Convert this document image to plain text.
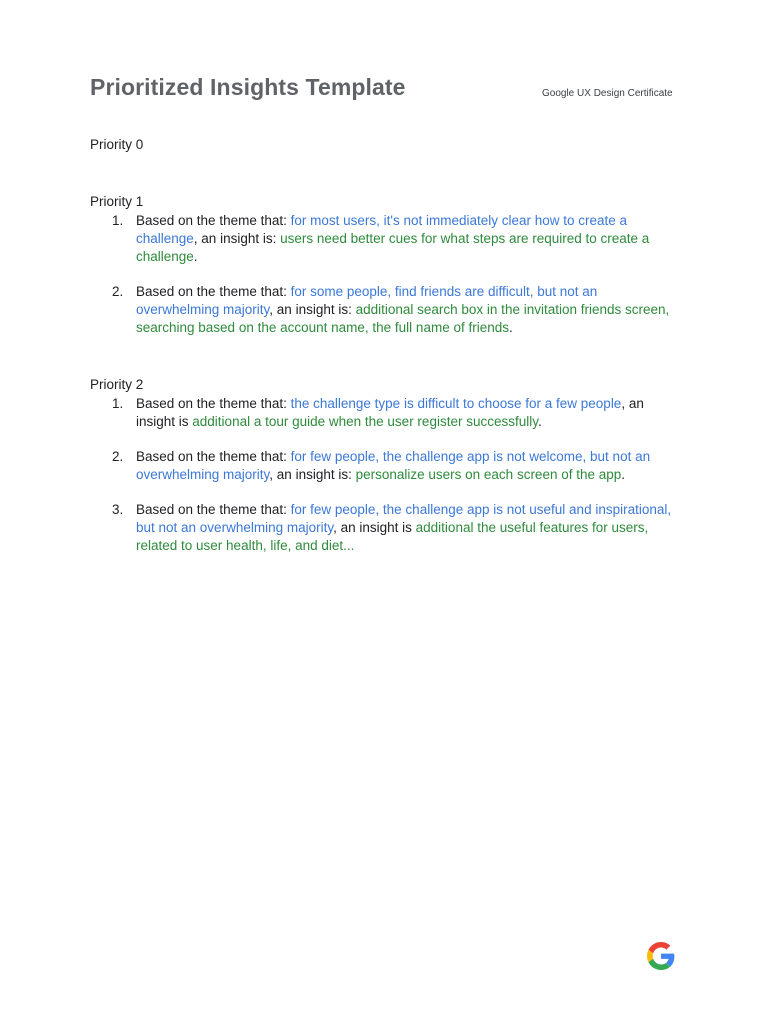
Prioritized Insights Template	Google UX Design Certificate
Priority 0
Priority 1
1. Based on the theme that: for most users, it's not immediately clear how to create a challenge, an insight is: users need better cues for what steps are required to create a challenge.
2. Based on the theme that: for some people, find friends are difficult, but not an overwhelming majority, an insight is: additional search box in the invitation friends screen, searching based on the account name, the full name of friends.
Priority 2
1. Based on the theme that: the challenge type is difficult to choose for a few people, an insight is additional a tour guide when the user register successfully.
2. Based on the theme that: for few people, the challenge app is not welcome, but not an overwhelming majority, an insight is: personalize users on each screen of the app.
3. Based on the theme that: for few people, the challenge app is not useful and inspirational, but not an overwhelming majority, an insight is additional the useful features for users, related to user health, life, and diet...
